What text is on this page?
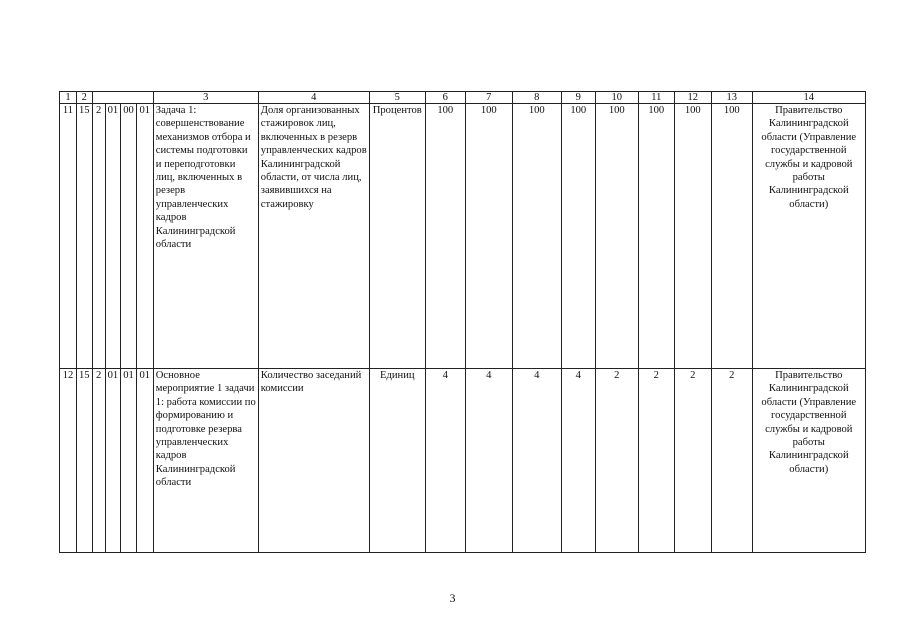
1	2					3	4	5	6	7	8	9	10	11	12	13	14
11	15	2	01	00	01	Задача 1: совершенствование механизмов отбора и системы подготовки и переподготовки лиц, включенных в резерв управленческих кадров Калининградской области	Доля организованных стажировок лиц, включенных в резерв управленческих кадров Калининградской области, от числа лиц, заявившихся на стажировку	Процентов	100	100	100	100	100	100	100	100	Правительство Калининградской области (Управление государственной службы и кадровой работы Калининградской области)
12	15	2	01	01	01	Основное мероприятие 1 задачи 1: работа комиссии по формированию и подготовке резерва управленческих кадров Калининградской области	Количество заседаний комиссии	Единиц	4	4	4	4	2	2	2	2	Правительство Калининградской области (Управление государственной службы и кадровой работы Калининградской области)
3
